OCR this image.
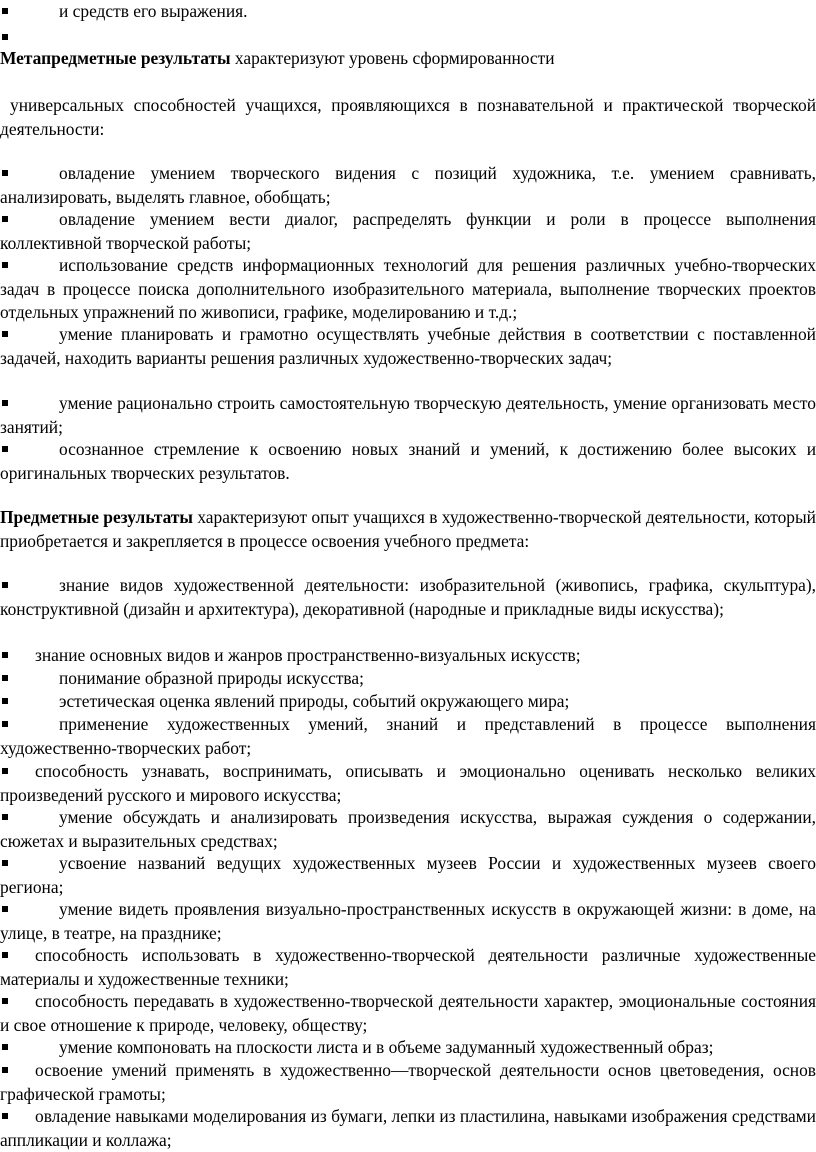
и средств его выражения.

Метапредметные результаты характеризуют уровень сформированности

универсальных способностей учащихся, проявляющихся в познавательной и практической творческой деятельности:

овладение умением творческого видения с позиций художника, т.е. умением сравнивать, анализировать, выделять главное, обобщать;

овладение умением вести диалог, распределять функции и роли в процессе выполнения коллективной творческой работы;

использование средств информационных технологий для решения различных учебно-творческих задач в процессе поиска дополнительного изобразительного материала, выполнение творческих проектов отдельных упражнений по живописи, графике, моделированию и т.д.;

умение планировать и грамотно осуществлять учебные действия в соответствии с поставленной задачей, находить варианты решения различных художественно-творческих задач;

умение рационально строить самостоятельную творческую деятельность, умение организовать место занятий;

осознанное стремление к освоению новых знаний и умений, к достижению более высоких и оригинальных творческих результатов.

Предметные результаты характеризуют опыт учащихся в художественно-творческой деятельности, который приобретается и закрепляется в процессе освоения учебного предмета:

знание видов художественной деятельности: изобразительной (живопись, графика, скульптура), конструктивной (дизайн и архитектура), декоративной (народные и прикладные виды искусства);

знание основных видов и жанров пространственно-визуальных искусств;

понимание образной природы искусства;

эстетическая оценка явлений природы, событий окружающего мира;

применение художественных умений, знаний и представлений в процессе выполнения художественно-творческих работ;

способность узнавать, воспринимать, описывать и эмоционально оценивать несколько великих произведений русского и мирового искусства;

умение обсуждать и анализировать произведения искусства, выражая суждения о содержании, сюжетах и выразительных средствах;

усвоение названий ведущих художественных музеев России и художественных музеев своего региона;

умение видеть проявления визуально-пространственных искусств в окружающей жизни: в доме, на улице, в театре, на празднике;

способность использовать в художественно-творческой деятельности различные художественные материалы и художественные техники;

способность передавать в художественно-творческой деятельности характер, эмоциональные состояния и свое отношение к природе, человеку, обществу;

умение компоновать на плоскости листа и в объеме задуманный художественный образ;

освоение умений применять в художественно—творческой деятельности основ цветоведения, основ графической грамоты;

овладение навыками моделирования из бумаги, лепки из пластилина, навыками изображения средствами аппликации и коллажа;
